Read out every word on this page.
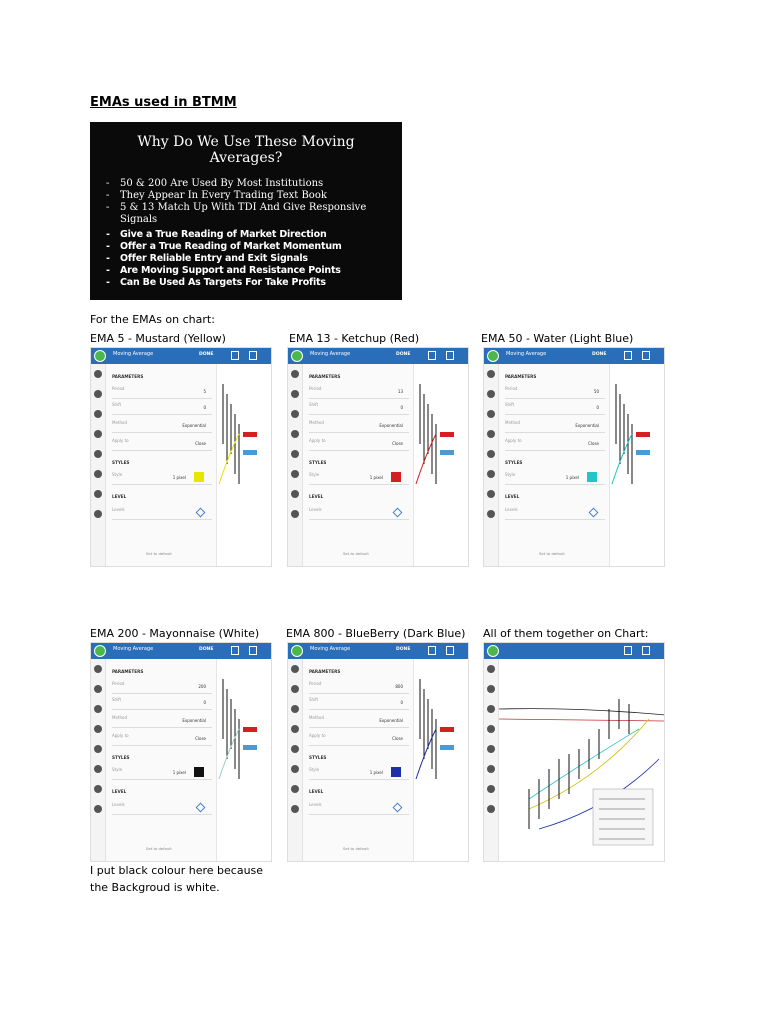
EMAs used in BTMM
Why Do We Use These Moving Averages?
- 50 & 200 Are Used By Most Institutions
- They Appear In Every Trading Text Book
- 5 & 13 Match Up With TDI And Give Responsive Signals
- Give a True Reading of Market Direction
- Offer a True Reading of Market Momentum
- Offer Reliable Entry and Exit Signals
- Are Moving Support and Resistance Points
- Can Be Used As Targets For Take Profits
For the EMAs on chart:
EMA 5 - Mustard (Yellow)	EMA 13 - Ketchup (Red)	EMA 50 - Water (Light Blue)
EMA 200 - Mayonnaise (White) EMA 800 - BlueBerry (Dark Blue) All of them together on Chart:
Moving Average	DONE
PARAMETERS
Period
5
Shift
0
Method
Exponential
Apply to
Close
STYLES
Style
1 pixel
LEVEL
Levels
Set to default
Moving Average	DONE
PARAMETERS
Period
13
Shift
0
Method
Exponential
Apply to
Close
STYLES
Style
1 pixel
LEVEL
Levels
Set to default
Moving Average	DONE
PARAMETERS
Period
50
Shift
0
Method
Exponential
Apply to
Close
STYLES
Style
1 pixel
LEVEL
Levels
Set to default
Moving Average	DONE
PARAMETERS
Period
200
Shift
0
Method
Exponential
Apply to
Close
STYLES
Style
1 pixel
LEVEL
Levels
Set to default
Moving Average	DONE
PARAMETERS
Period
800
Shift
0
Method
Exponential
Apply to
Close
STYLES
Style
1 pixel
LEVEL
Levels
Set to default
I put black colour here because
the Backgroud is white.
